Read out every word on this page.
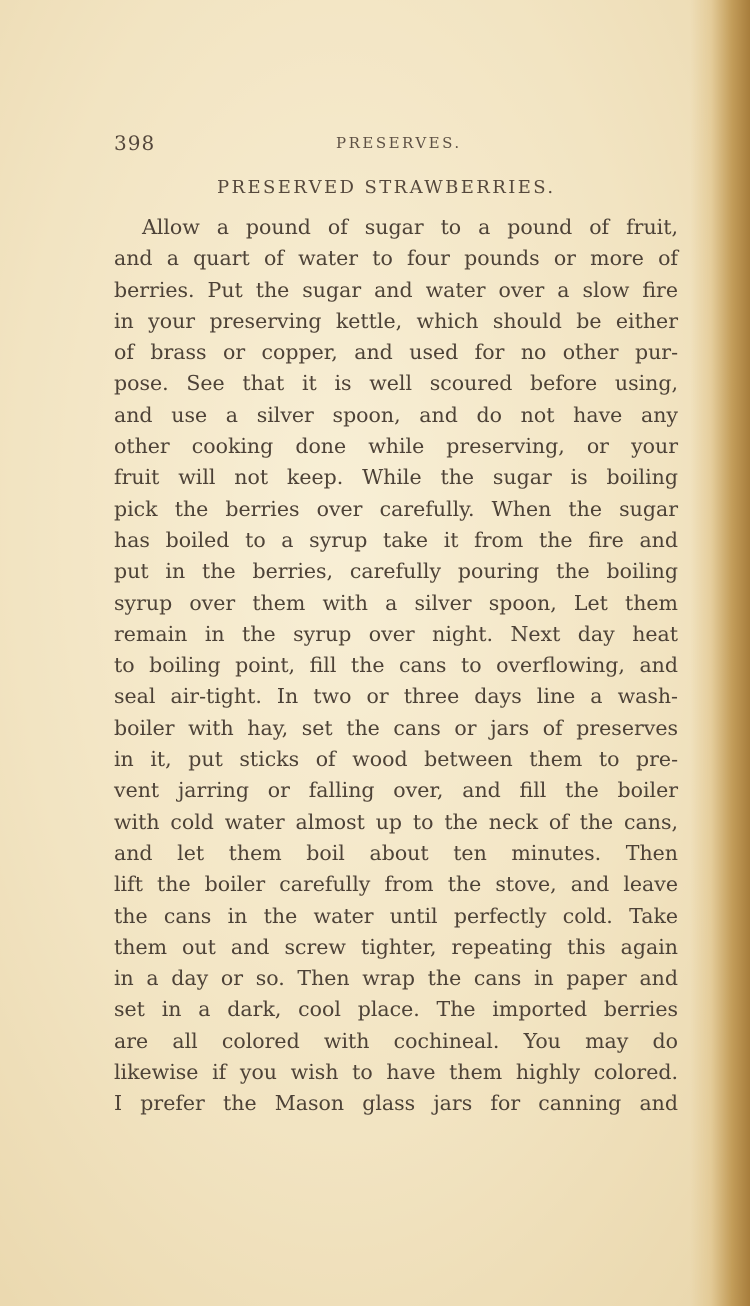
398	PRESERVES.
PRESERVED STRAWBERRIES.
Allow a pound of sugar to a pound of fruit,
and a quart of water to four pounds or more of
berries. Put the sugar and water over a slow fire
in your preserving kettle, which should be either
of brass or copper, and used for no other pur-
pose. See that it is well scoured before using,
and use a silver spoon, and do not have any
other cooking done while preserving, or your
fruit will not keep. While the sugar is boiling
pick the berries over carefully. When the sugar
has boiled to a syrup take it from the fire and
put in the berries, carefully pouring the boiling
syrup over them with a silver spoon, Let them
remain in the syrup over night. Next day heat
to boiling point, fill the cans to overflowing, and
seal air-tight. In two or three days line a wash-
boiler with hay, set the cans or jars of preserves
in it, put sticks of wood between them to pre-
vent jarring or falling over, and fill the boiler
with cold water almost up to the neck of the cans,
and let them boil about ten minutes. Then
lift the boiler carefully from the stove, and leave
the cans in the water until perfectly cold. Take
them out and screw tighter, repeating this again
in a day or so. Then wrap the cans in paper and
set in a dark, cool place. The imported berries
are all colored with cochineal. You may do
likewise if you wish to have them highly colored.
I prefer the Mason glass jars for canning and
